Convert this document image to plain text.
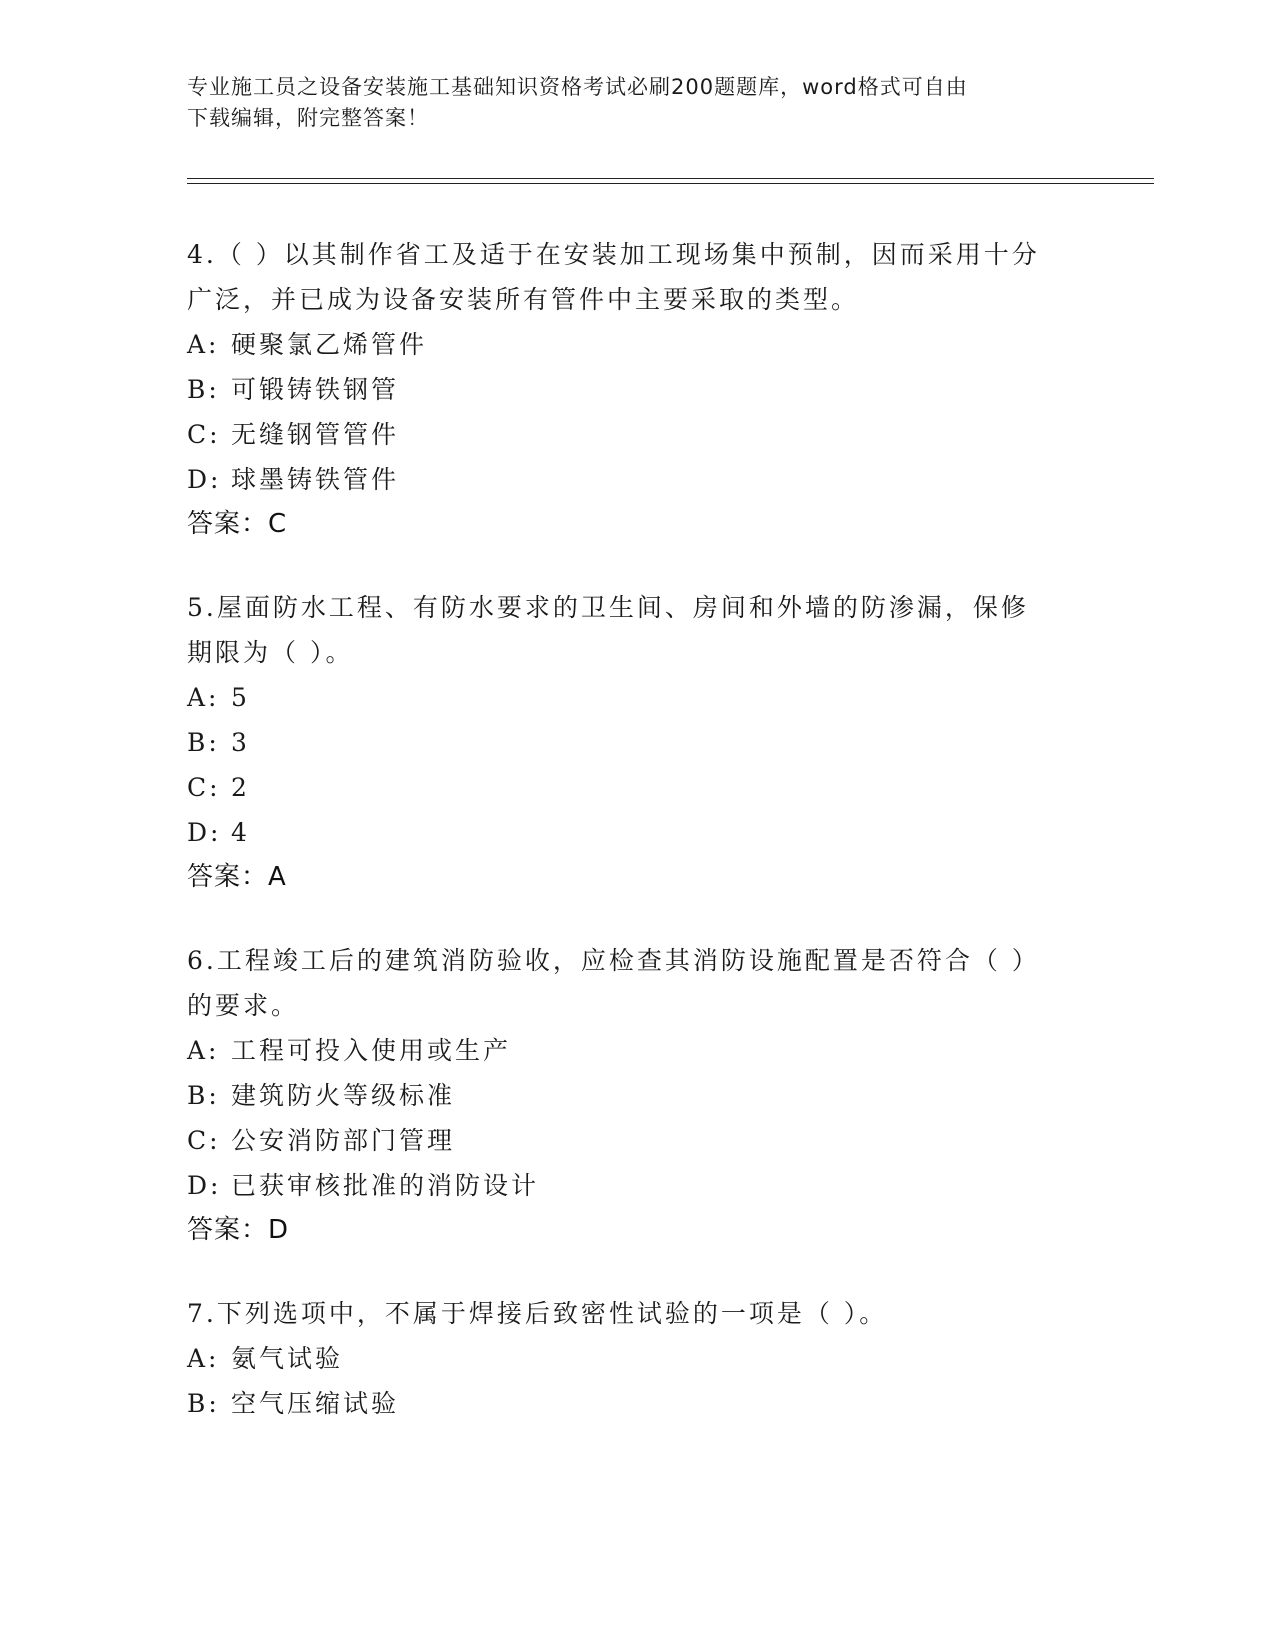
专业施工员之设备安装施工基础知识资格考试必刷200题题库，word格式可自由
下载编辑，附完整答案！
4.（ ）以其制作省工及适于在安装加工现场集中预制，因而采用十分
广泛，并已成为设备安装所有管件中主要采取的类型。
A: 硬聚氯乙烯管件
B: 可锻铸铁钢管
C: 无缝钢管管件
D: 球墨铸铁管件
答案：C
5.屋面防水工程、有防水要求的卫生间、房间和外墙的防渗漏，保修
期限为（ ）。
A: 5
B: 3
C: 2
D: 4
答案：A
6.工程竣工后的建筑消防验收，应检查其消防设施配置是否符合（ ）
的要求。
A: 工程可投入使用或生产
B: 建筑防火等级标准
C: 公安消防部门管理
D: 已获审核批准的消防设计
答案：D
7.下列选项中，不属于焊接后致密性试验的一项是（ ）。
A: 氨气试验
B: 空气压缩试验
